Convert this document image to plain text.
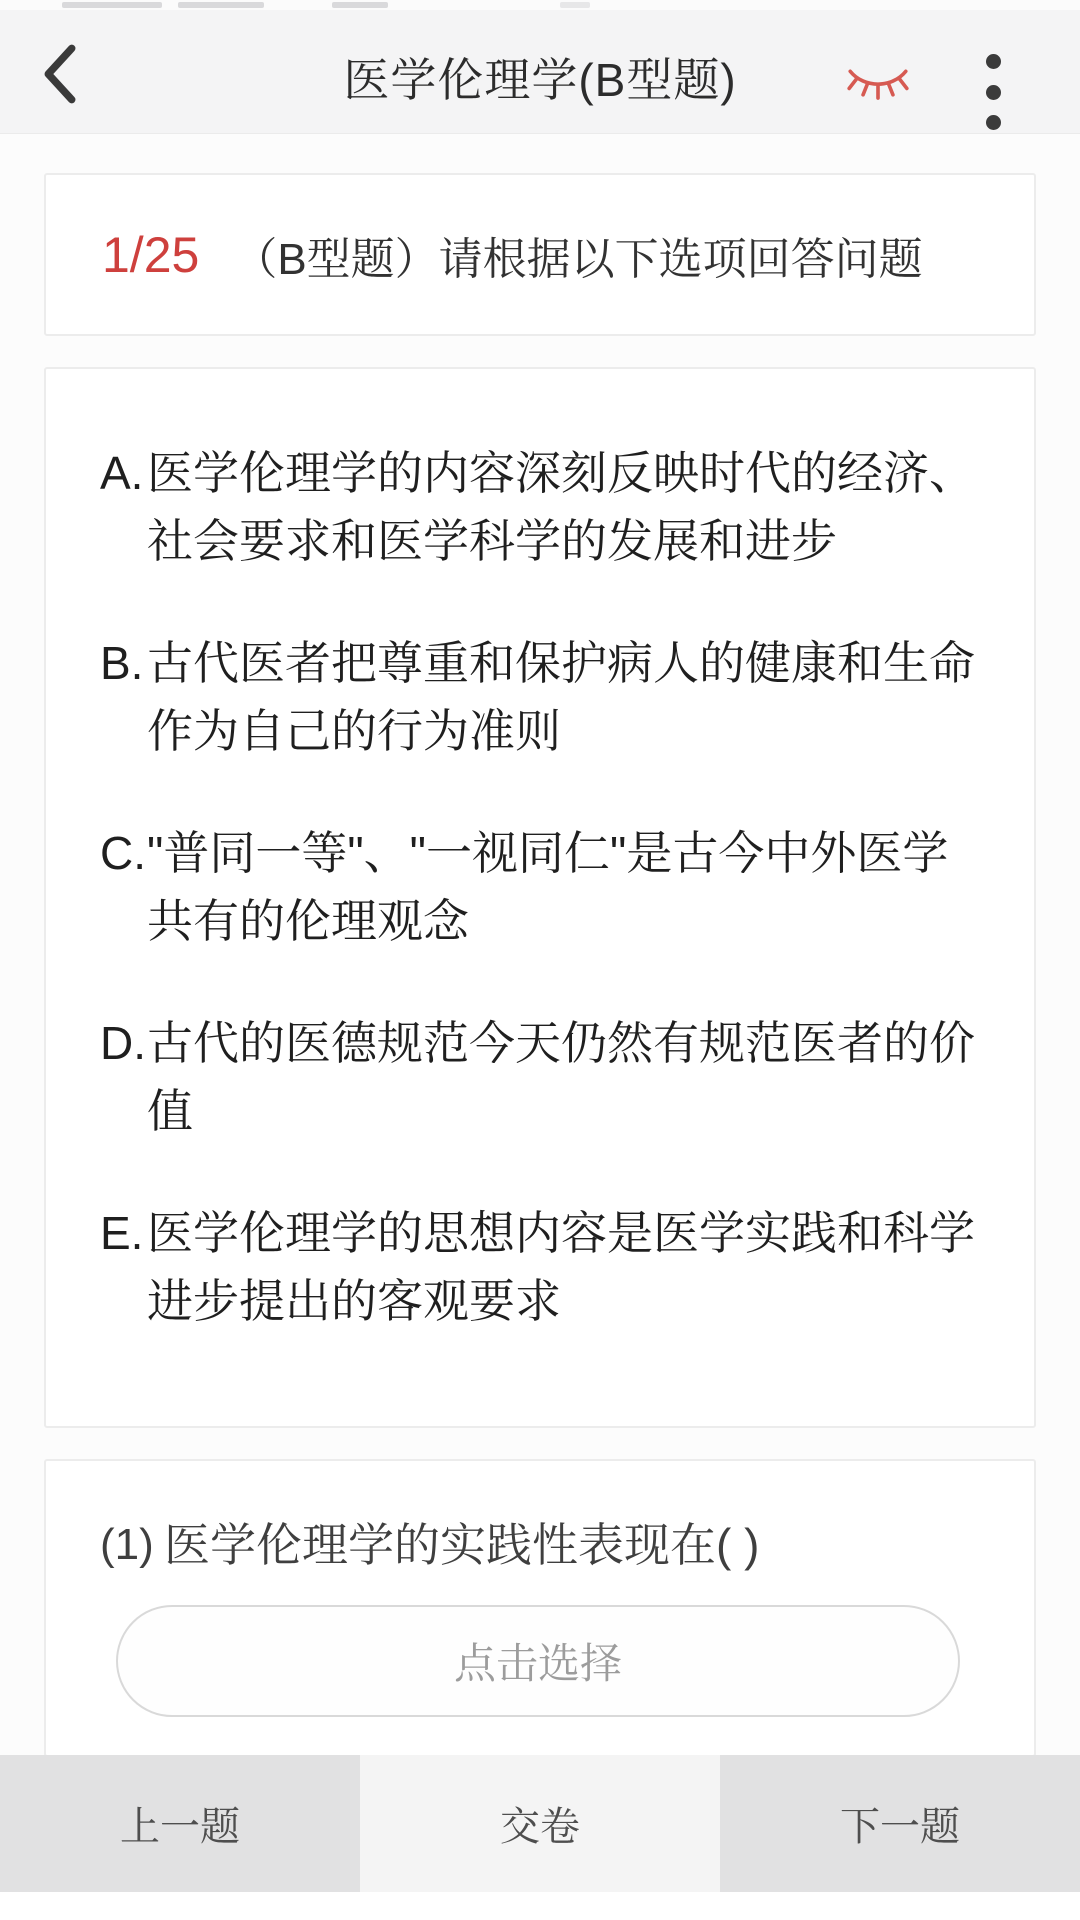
医学伦理学(B型题)
1/25 （B型题）请根据以下选项回答问题
A. 医学伦理学的内容深刻反映时代的经济、社会要求和医学科学的发展和进步
B. 古代医者把尊重和保护病人的健康和生命作为自己的行为准则
C. "普同一等"、"一视同仁"是古今中外医学共有的伦理观念
D. 古代的医德规范今天仍然有规范医者的价值
E. 医学伦理学的思想内容是医学实践和科学进步提出的客观要求
(1) 医学伦理学的实践性表现在( )
点击选择
上一题	交卷	下一题
